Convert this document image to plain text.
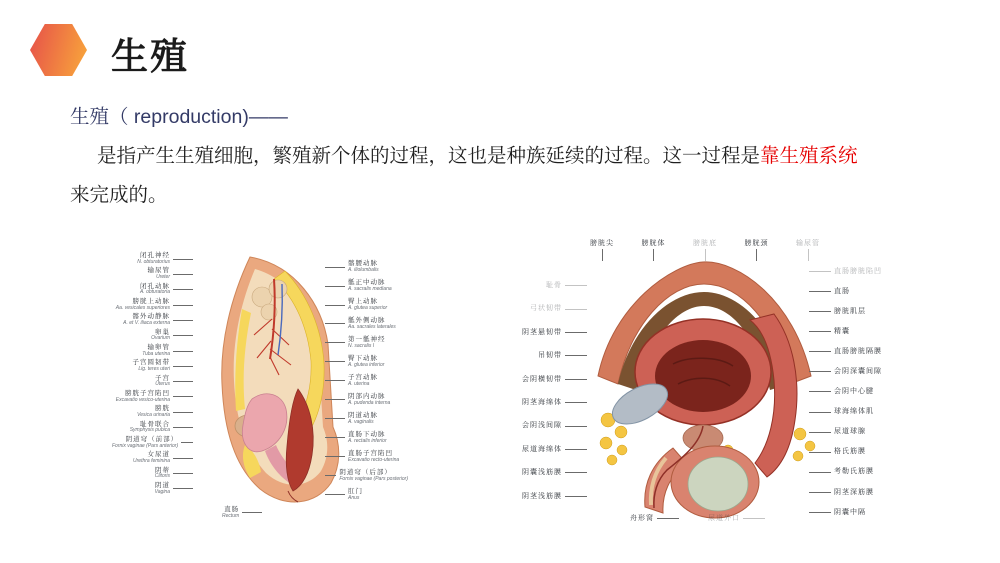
生殖
生殖（ reproduction)——
是指产生生殖细胞，繁殖新个体的过程，这也是种族延续的过程。这一过程是靠生殖系统
来完成的。
闭孔神经
N. obturatorius
输尿管
Ureter
闭孔动脉
A. obturatoria
膀胱上动脉
Aa. vesicales superiores
髂外动静脉
A. et V. iliaca externa
卵巢
Ovarium
输卵管
Tuba uterina
子宫圆韧带
Lig. teres uteri
子宫
Uterus
膀胱子宫陷凹
Excavatio vesico-uterina
膀胱
Vesica urinaria
耻骨联合
Symphysis pubica
阴道穹（前部）
Fornix vaginae (Pars anterior)
女尿道
Urethra feminina
阴蒂
Clitoris
阴道
Vagina
髂腰动脉
A. iliolumbalis
骶正中动脉
A. sacralis mediana
臀上动脉
A. glutea superior
骶外侧动脉
Aa. sacrales laterales
第一骶神经
N. sacralis I
臀下动脉
A. glutea inferior
子宫动脉
A. uterina
阴部内动脉
A. pudenda interna
阴道动脉
A. vaginalis
直肠下动脉
A. rectalis inferior
直肠子宫陷凹
Excavatio recto-uterina
阴道穹（后部）
Fornix vaginae (Pars posterior)
肛门
Anus
直肠
Rectum
膀胱尖	膀胱体	膀胱底	膀胱颈	输尿管
耻骨
弓状韧带
阴茎悬韧带
吊韧带
会阴横韧带
阴茎海绵体
会阴浅间隙
尿道海绵体
阴囊浅筋膜
阴茎浅筋膜
直肠膀胱陷凹
直肠
膀胱肌层
精囊
直肠膀胱隔膜
会阴深囊间隙
会阴中心腱
球海绵体肌
尿道球腺
格氏筋膜
考勒氏筋膜
阴茎深筋膜
阴囊中隔
舟形窝	尿道外口
